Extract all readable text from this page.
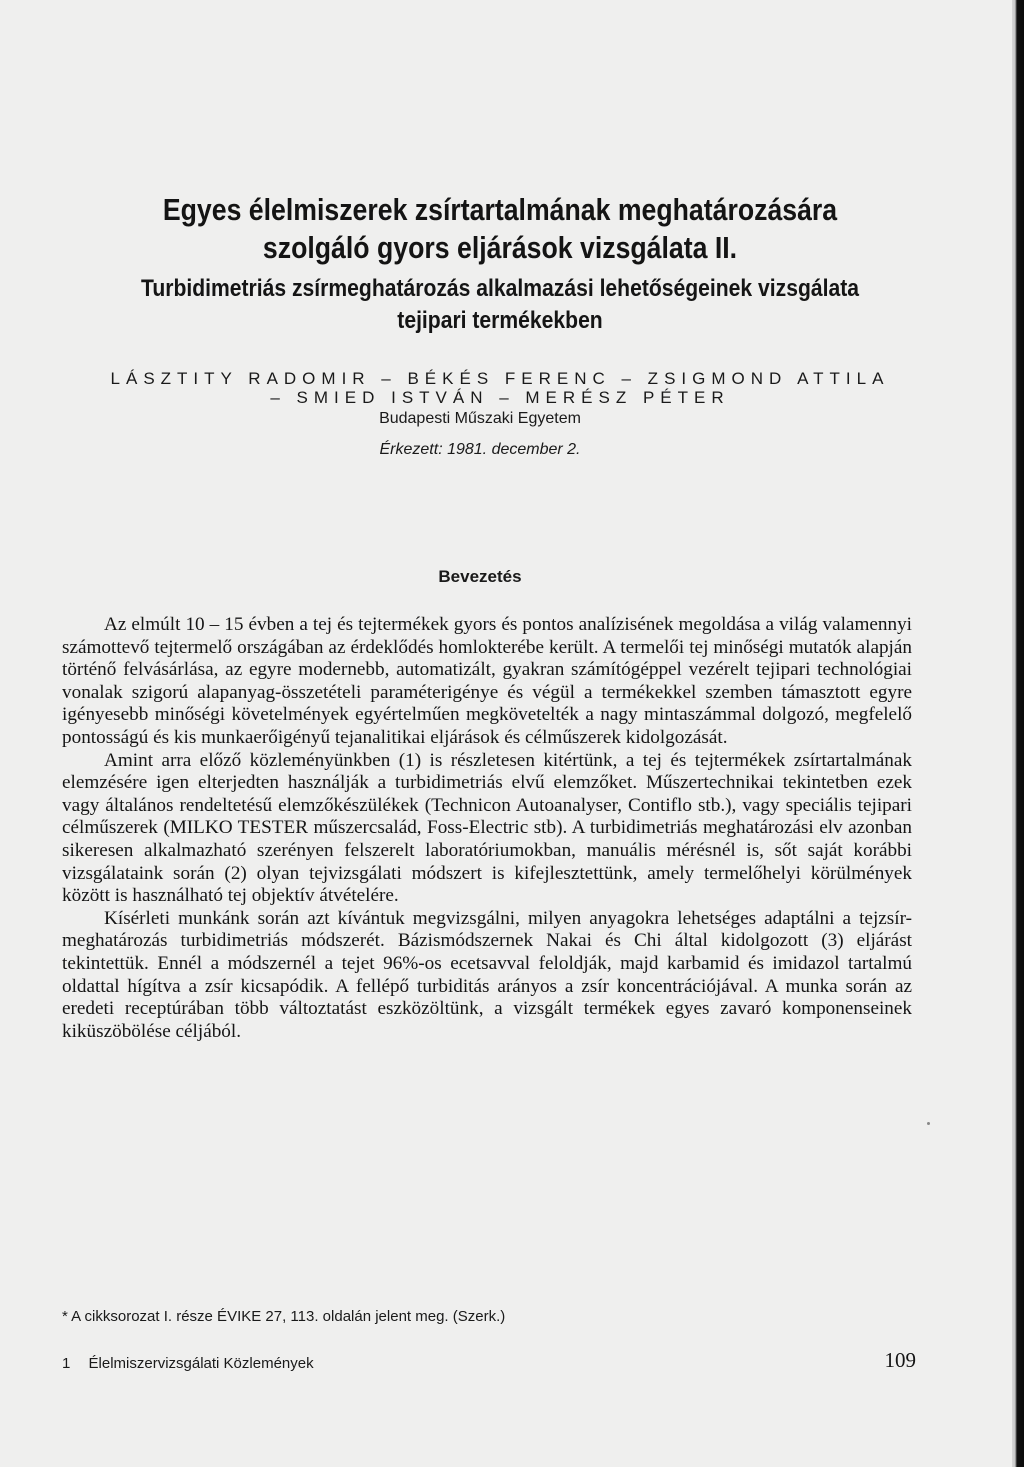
Egyes élelmiszerek zsírtartalmának meghatározására
szolgáló gyors eljárások vizsgálata II.
Turbidimetriás zsírmeghatározás alkalmazási lehetőségeinek vizsgálata
tejipari termékekben
LÁSZTITY RADOMIR – BÉKÉS FERENC – ZSIGMOND ATTILA
– SMIED ISTVÁN – MERÉSZ PÉTER
Budapesti Műszaki Egyetem
Érkezett: 1981. december 2.
Bevezetés

Az elmúlt 10 – 15 évben a tej és tejtermékek gyors és pontos analízisének megoldása a világ valamennyi számottevő tejtermelő országában az érdeklődés homlokterébe került. A termelői tej minőségi mutatók alapján történő felvásárlása, az egyre modernebb, automatizált, gyakran számítógéppel vezérelt tejipari technológiai vonalak szigorú alapanyag-összetételi paraméterigénye és végül a termékekkel szemben támasztott egyre igényesebb minőségi követelmények egyértelműen megkövetelték a nagy mintaszámmal dolgozó, megfelelő pontosságú és kis munkaerőigényű tejanalitikai eljárások és célműszerek kidolgozását.

Amint arra előző közleményünkben (1) is részletesen kitértünk, a tej és tejtermékek zsírtartalmának elemzésére igen elterjedten használják a turbidimetriás elvű elemzőket. Műszertechnikai tekintetben ezek vagy általános rendeltetésű elemzőkészülékek (Technicon Autoanalyser, Contiflo stb.), vagy speciális tejipari célműszerek (MILKO TESTER műszercsalád, Foss-Electric stb). A turbidimetriás meghatározási elv azonban sikeresen alkalmazható szerényen felszerelt laboratóriumokban, manuális mérésnél is, sőt saját korábbi vizsgálataink során (2) olyan tejvizsgálati módszert is kifejlesztettünk, amely termelőhelyi körülmények között is használható tej objektív átvételére.

Kísérleti munkánk során azt kívántuk megvizsgálni, milyen anyagokra lehetséges adaptálni a tejzsír-meghatározás turbidimetriás módszerét. Bázismódszernek Nakai és Chi által kidolgozott (3) eljárást tekintettük. Ennél a módszernél a tejet 96%-os ecetsavval feloldják, majd karbamid és imidazol tartalmú oldattal hígítva a zsír kicsapódik. A fellépő turbiditás arányos a zsír koncentrációjával. A munka során az eredeti receptúrában több változtatást eszközöltünk, a vizsgált termékek egyes zavaró komponenseinek kiküszöbölése céljából.

* A cikksorozat I. része ÉVIKE 27, 113. oldalán jelent meg. (Szerk.)
1 Élelmiszervizsgálati Közlemények	109
